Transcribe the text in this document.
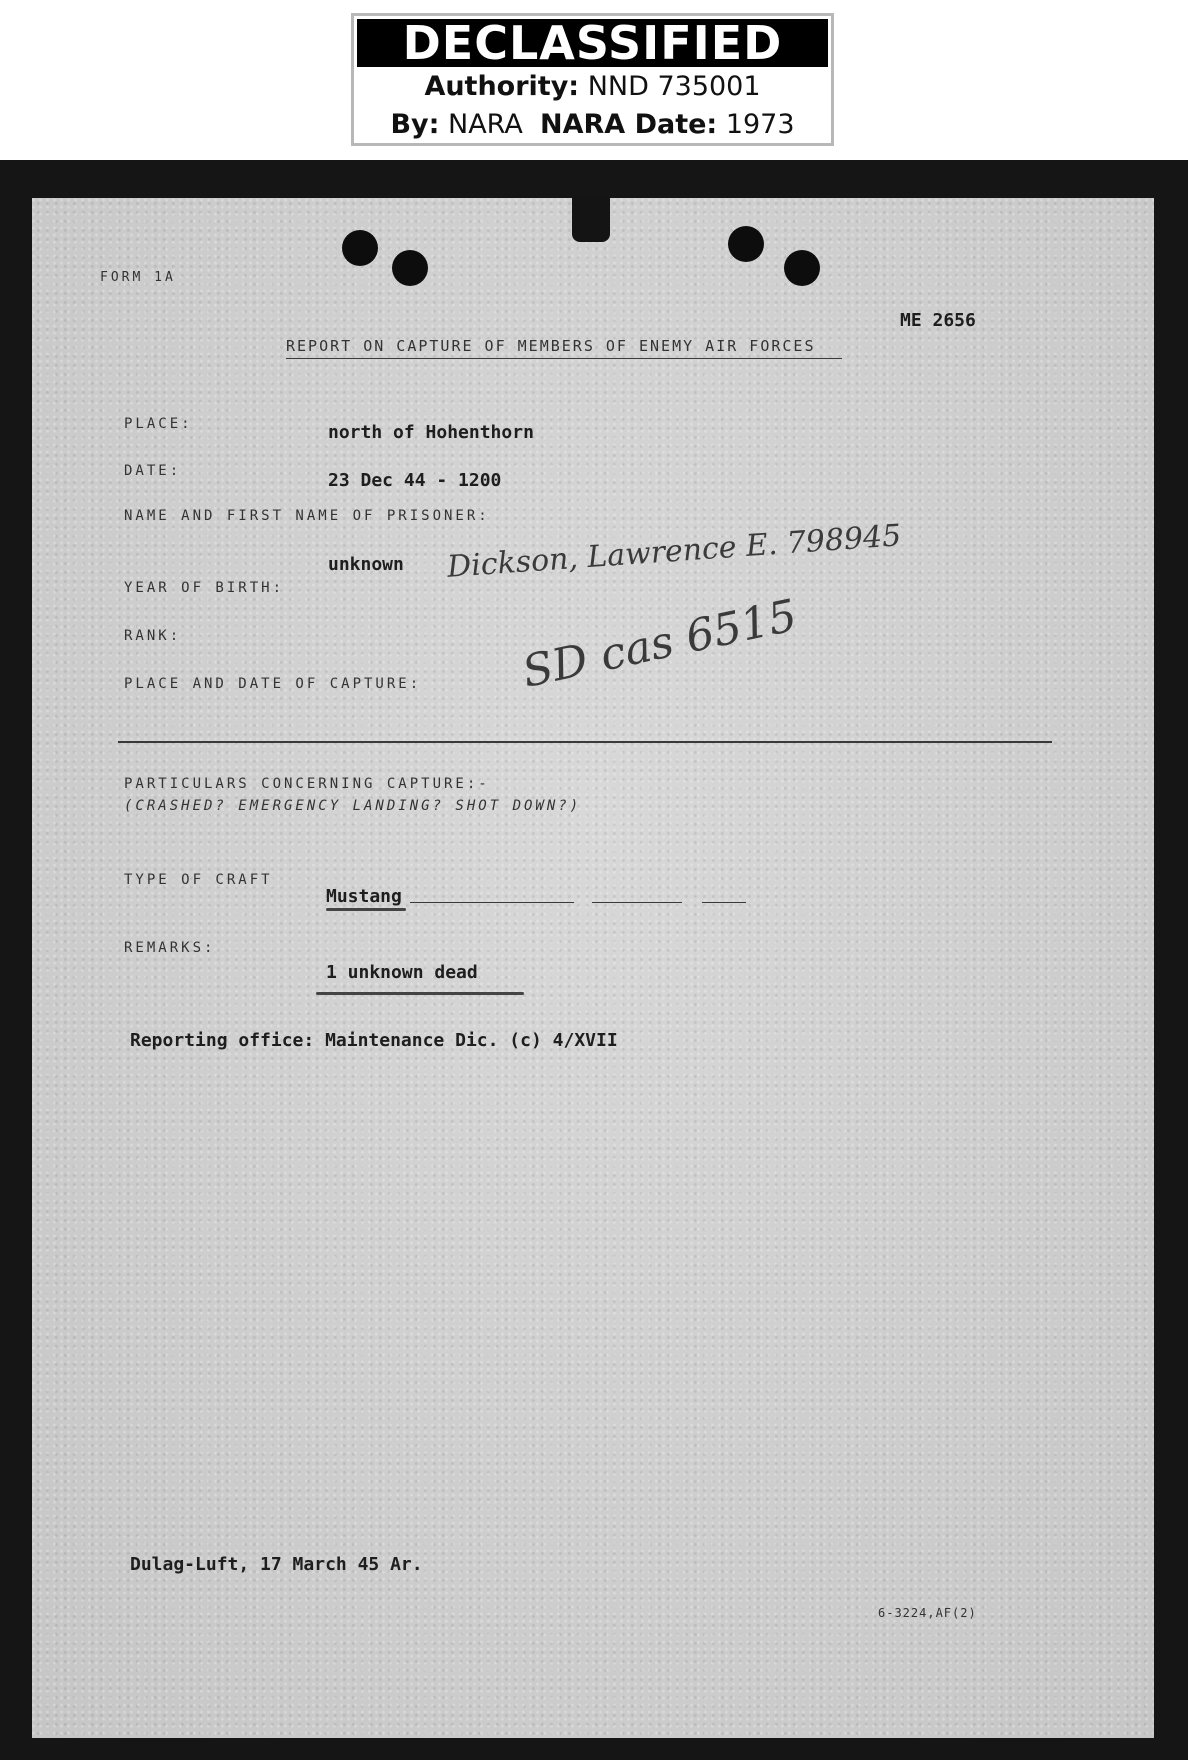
DECLASSIFIED
Authority: NND 735001
By: NARA NARA Date: 1973
FORM 1A
ME 2656
REPORT ON CAPTURE OF MEMBERS OF ENEMY AIR FORCES
PLACE:	north of Hohenthorn
DATE:	23 Dec 44 - 1200
NAME AND FIRST NAME OF PRISONER:
unknown Dickson, Lawrence E. 798945
YEAR OF BIRTH:
RANK:
PLACE AND DATE OF CAPTURE: SD cas 6515
PARTICULARS CONCERNING CAPTURE:-
(CRASHED? EMERGENCY LANDING? SHOT DOWN?)
TYPE OF CRAFT
Mustang
REMARKS:
1 unknown dead
Reporting office: Maintenance Dic. (c) 4/XVII
Dulag-Luft, 17 March 45 Ar.
6-3224,AF(2)
